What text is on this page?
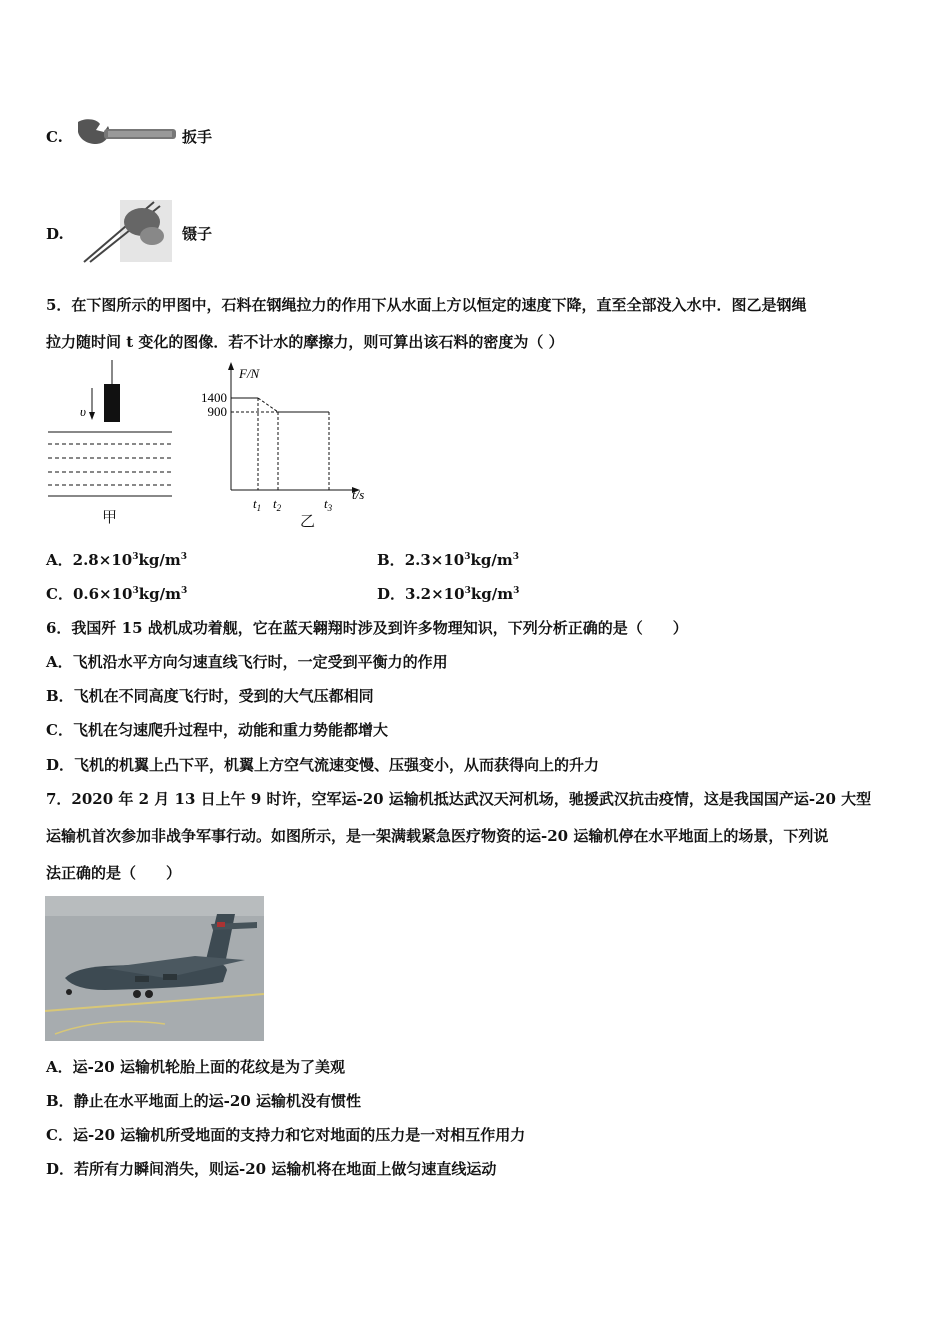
C.	扳手
D.	镊子
5．在下图所示的甲图中，石料在钢绳拉力的作用下从水面上方以恒定的速度下降，直至全部没入水中．图乙是钢绳
拉力随时间 t 变化的图像．若不计水的摩擦力，则可算出该石料的密度为（ ）
υ
甲
F/N
t/s
1400
900
$t_1$ $t_2$	$t_3$
乙
A．$2.8\times 10^3kg/m^3$	B．$2.3\times 10^3kg/m^3$
C．$0.6\times 10^3kg/m^3$	D．$3.2\times 10^3kg/m^3$
6．我国歼 15 战机成功着舰，它在蓝天翱翔时涉及到许多物理知识，下列分析正确的是（　　）
A．飞机沿水平方向匀速直线飞行时，一定受到平衡力的作用
B．飞机在不同高度飞行时，受到的大气压都相同
C．飞机在匀速爬升过程中，动能和重力势能都增大
D．飞机的机翼上凸下平，机翼上方空气流速变慢、压强变小，从而获得向上的升力
7．2020 年 2 月 13 日上午 9 时许，空军运-20 运输机抵达武汉天河机场，驰援武汉抗击疫情，这是我国国产运-20 大型
运输机首次参加非战争军事行动。如图所示，是一架满载紧急医疗物资的运-20 运输机停在水平地面上的场景，下列说
法正确的是（　　）
A．运-20 运输机轮胎上面的花纹是为了美观
B．静止在水平地面上的运-20 运输机没有惯性
C．运-20 运输机所受地面的支持力和它对地面的压力是一对相互作用力
D．若所有力瞬间消失，则运-20 运输机将在地面上做匀速直线运动
